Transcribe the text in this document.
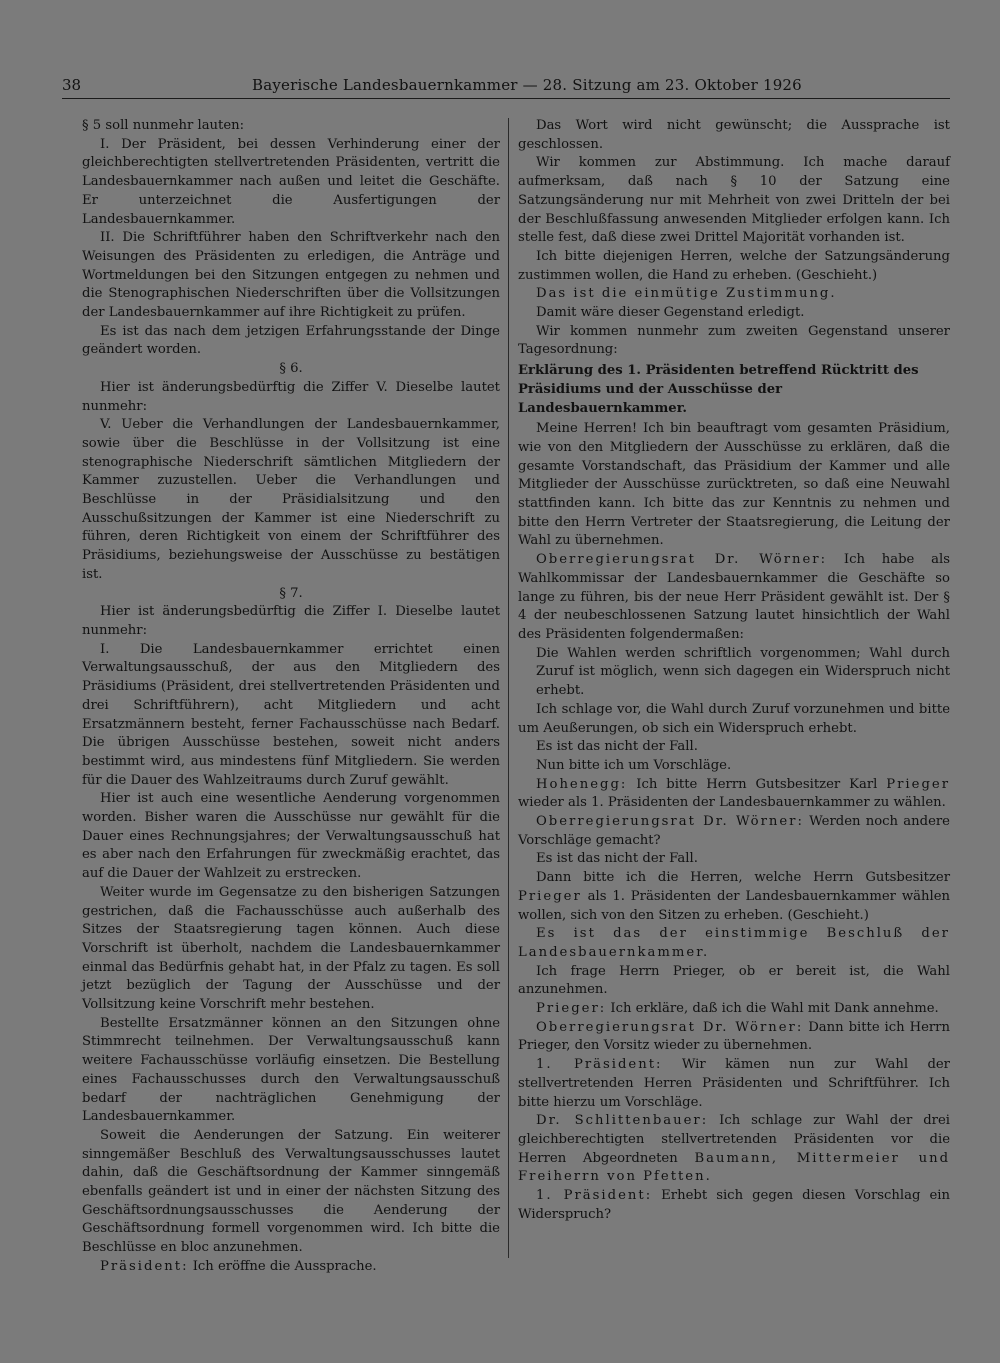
38	Bayerische Landesbauernkammer — 28. Sitzung am 23. Oktober 1926

§ 5 soll nunmehr lauten:

I. Der Präsident, bei dessen Verhinderung einer der gleichberechtigten stellvertretenden Präsidenten, vertritt die Landesbauernkammer nach außen und leitet die Geschäfte. Er unterzeichnet die Ausfertigungen der Landesbauernkammer.

II. Die Schriftführer haben den Schriftverkehr nach den Weisungen des Präsidenten zu erledigen, die Anträge und Wortmeldungen bei den Sitzungen entgegen zu nehmen und die Stenographischen Niederschriften über die Vollsitzungen der Landesbauernkammer auf ihre Richtigkeit zu prüfen.

Es ist das nach dem jetzigen Erfahrungsstande der Dinge geändert worden.

§ 6.

Hier ist änderungsbedürftig die Ziffer V. Dieselbe lautet nunmehr:

V. Ueber die Verhandlungen der Landesbauernkammer, sowie über die Beschlüsse in der Vollsitzung ist eine stenographische Niederschrift sämtlichen Mitgliedern der Kammer zuzustellen. Ueber die Verhandlungen und Beschlüsse in der Präsidialsitzung und den Ausschußsitzungen der Kammer ist eine Niederschrift zu führen, deren Richtigkeit von einem der Schriftführer des Präsidiums, beziehungsweise der Ausschüsse zu bestätigen ist.

§ 7.

Hier ist änderungsbedürftig die Ziffer I. Dieselbe lautet nunmehr:

I. Die Landesbauernkammer errichtet einen Verwaltungsausschuß, der aus den Mitgliedern des Präsidiums (Präsident, drei stellvertretenden Präsidenten und drei Schriftführern), acht Mitgliedern und acht Ersatzmännern besteht, ferner Fachausschüsse nach Bedarf. Die übrigen Ausschüsse bestehen, soweit nicht anders bestimmt wird, aus mindestens fünf Mitgliedern. Sie werden für die Dauer des Wahlzeitraums durch Zuruf gewählt.

Hier ist auch eine wesentliche Aenderung vorgenommen worden. Bisher waren die Ausschüsse nur gewählt für die Dauer eines Rechnungsjahres; der Verwaltungsausschuß hat es aber nach den Erfahrungen für zweckmäßig erachtet, das auf die Dauer der Wahlzeit zu erstrecken.

Weiter wurde im Gegensatze zu den bisherigen Satzungen gestrichen, daß die Fachausschüsse auch außerhalb des Sitzes der Staatsregierung tagen können. Auch diese Vorschrift ist überholt, nachdem die Landesbauernkammer einmal das Bedürfnis gehabt hat, in der Pfalz zu tagen. Es soll jetzt bezüglich der Tagung der Ausschüsse und der Vollsitzung keine Vorschrift mehr bestehen.

Bestellte Ersatzmänner können an den Sitzungen ohne Stimmrecht teilnehmen. Der Verwaltungsausschuß kann weitere Fachausschüsse vorläufig einsetzen. Die Bestellung eines Fachausschusses durch den Verwaltungsausschuß bedarf der nachträglichen Genehmigung der Landesbauernkammer.

Soweit die Aenderungen der Satzung. Ein weiterer sinngemäßer Beschluß des Verwaltungsausschusses lautet dahin, daß die Geschäftsordnung der Kammer sinngemäß ebenfalls geändert ist und in einer der nächsten Sitzung des Geschäftsordnungsausschusses die Aenderung der Geschäftsordnung formell vorgenommen wird. Ich bitte die Beschlüsse en bloc anzunehmen.

Präsident: Ich eröffne die Aussprache.

Das Wort wird nicht gewünscht; die Aussprache ist geschlossen.

Wir kommen zur Abstimmung. Ich mache darauf aufmerksam, daß nach § 10 der Satzung eine Satzungsänderung nur mit Mehrheit von zwei Dritteln der bei der Beschlußfassung anwesenden Mitglieder erfolgen kann. Ich stelle fest, daß diese zwei Drittel Majorität vorhanden ist.

Ich bitte diejenigen Herren, welche der Satzungsänderung zustimmen wollen, die Hand zu erheben. (Geschieht.)

Das ist die einmütige Zustimmung.

Damit wäre dieser Gegenstand erledigt.

Wir kommen nunmehr zum zweiten Gegenstand unserer Tagesordnung:

Erklärung des 1. Präsidenten betreffend Rücktritt des Präsidiums und der Ausschüsse der Landesbauernkammer.

Meine Herren! Ich bin beauftragt vom gesamten Präsidium, wie von den Mitgliedern der Ausschüsse zu erklären, daß die gesamte Vorstandschaft, das Präsidium der Kammer und alle Mitglieder der Ausschüsse zurücktreten, so daß eine Neuwahl stattfinden kann. Ich bitte das zur Kenntnis zu nehmen und bitte den Herrn Vertreter der Staatsregierung, die Leitung der Wahl zu übernehmen.

Oberregierungsrat Dr. Wörner: Ich habe als Wahlkommissar der Landesbauernkammer die Geschäfte so lange zu führen, bis der neue Herr Präsident gewählt ist. Der § 4 der neubeschlossenen Satzung lautet hinsichtlich der Wahl des Präsidenten folgendermaßen:

Die Wahlen werden schriftlich vorgenommen; Wahl durch Zuruf ist möglich, wenn sich dagegen ein Widerspruch nicht erhebt.

Ich schlage vor, die Wahl durch Zuruf vorzunehmen und bitte um Aeußerungen, ob sich ein Widerspruch erhebt.

Es ist das nicht der Fall.

Nun bitte ich um Vorschläge.

Hohenegg: Ich bitte Herrn Gutsbesitzer Karl Prieger wieder als 1. Präsidenten der Landesbauernkammer zu wählen.

Oberregierungsrat Dr. Wörner: Werden noch andere Vorschläge gemacht?

Es ist das nicht der Fall.

Dann bitte ich die Herren, welche Herrn Gutsbesitzer Prieger als 1. Präsidenten der Landesbauernkammer wählen wollen, sich von den Sitzen zu erheben. (Geschieht.)

Es ist das der einstimmige Beschluß der Landesbauernkammer.

Ich frage Herrn Prieger, ob er bereit ist, die Wahl anzunehmen.

Prieger: Ich erkläre, daß ich die Wahl mit Dank annehme.

Oberregierungsrat Dr. Wörner: Dann bitte ich Herrn Prieger, den Vorsitz wieder zu übernehmen.

1. Präsident: Wir kämen nun zur Wahl der stellvertretenden Herren Präsidenten und Schriftführer. Ich bitte hierzu um Vorschläge.

Dr. Schlittenbauer: Ich schlage zur Wahl der drei gleichberechtigten stellvertretenden Präsidenten vor die Herren Abgeordneten Baumann, Mittermeier und Freiherrn von Pfetten.

1. Präsident: Erhebt sich gegen diesen Vorschlag ein Widerspruch?
